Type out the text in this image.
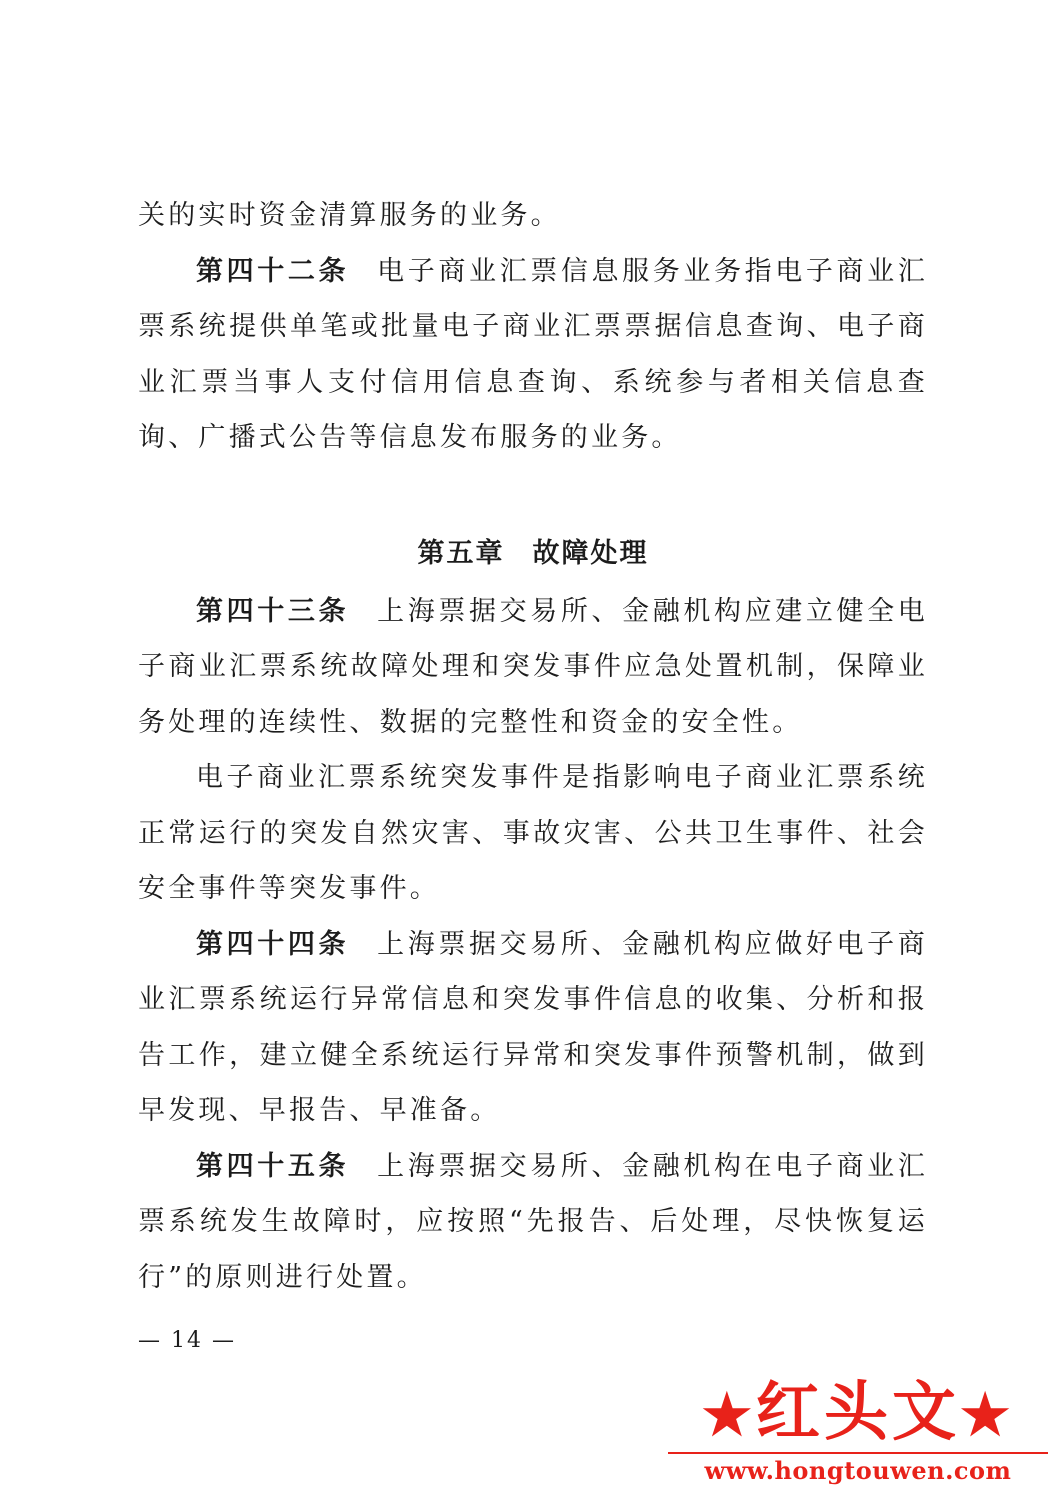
关的实时资金清算服务的业务。

第四十二条 电子商业汇票信息服务业务指电子商业汇票系统提供单笔或批量电子商业汇票票据信息查询、电子商业汇票当事人支付信用信息查询、系统参与者相关信息查询、广播式公告等信息发布服务的业务。

第五章 故障处理

第四十三条 上海票据交易所、金融机构应建立健全电子商业汇票系统故障处理和突发事件应急处置机制，保障业务处理的连续性、数据的完整性和资金的安全性。

电子商业汇票系统突发事件是指影响电子商业汇票系统正常运行的突发自然灾害、事故灾害、公共卫生事件、社会安全事件等突发事件。

第四十四条 上海票据交易所、金融机构应做好电子商业汇票系统运行异常信息和突发事件信息的收集、分析和报告工作，建立健全系统运行异常和突发事件预警机制，做到早发现、早报告、早准备。

第四十五条 上海票据交易所、金融机构在电子商业汇票系统发生故障时，应按照“先报告、后处理，尽快恢复运行”的原则进行处置。

— 14 —
★红头文★
www.hongtouwen.com
